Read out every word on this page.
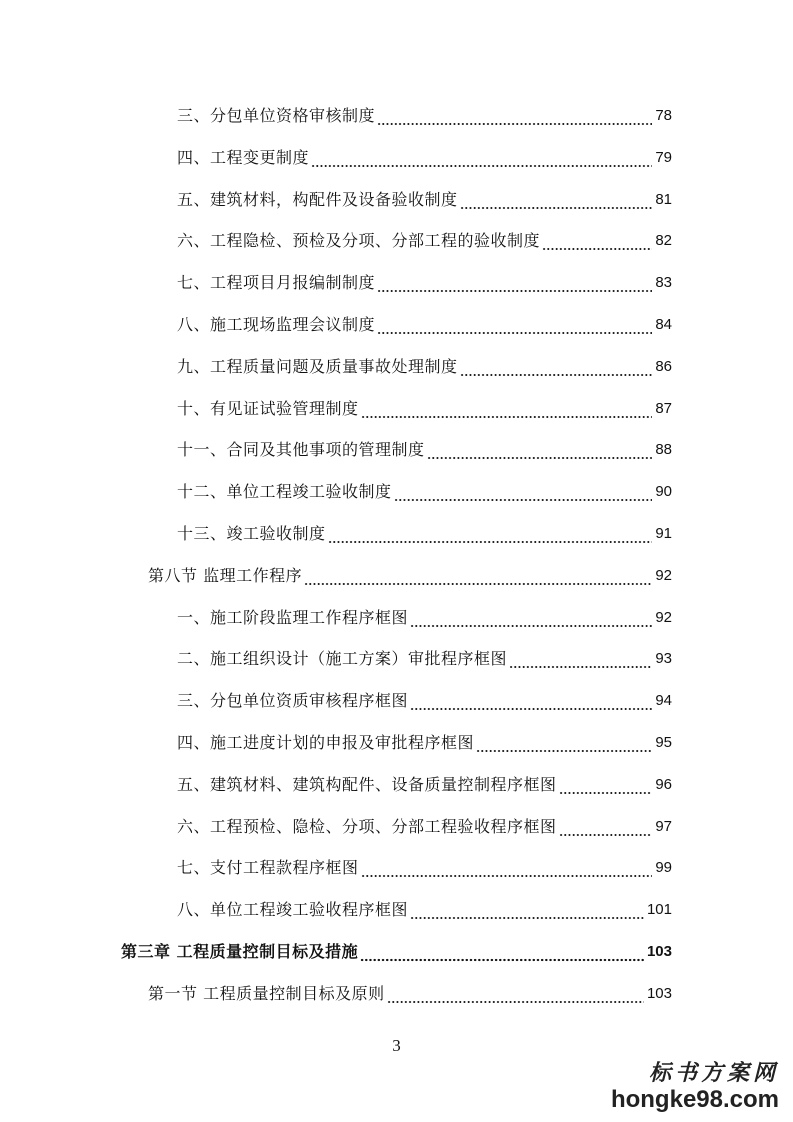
三、分包单位资格审核制度	78
四、工程变更制度	79
五、建筑材料，构配件及设备验收制度	81
六、工程隐检、预检及分项、分部工程的验收制度	82
七、工程项目月报编制制度	83
八、施工现场监理会议制度	84
九、工程质量问题及质量事故处理制度	86
十、有见证试验管理制度	87
十一、合同及其他事项的管理制度	88
十二、单位工程竣工验收制度	90
十三、竣工验收制度	91
第八节 监理工作程序	92
一、施工阶段监理工作程序框图	92
二、施工组织设计（施工方案）审批程序框图	93
三、分包单位资质审核程序框图	94
四、施工进度计划的申报及审批程序框图	95
五、建筑材料、建筑构配件、设备质量控制程序框图	96
六、工程预检、隐检、分项、分部工程验收程序框图	97
七、支付工程款程序框图	99
八、单位工程竣工验收程序框图	101
第三章 工程质量控制目标及措施	103
第一节 工程质量控制目标及原则	103
3
标书方案网
hongke98.com
